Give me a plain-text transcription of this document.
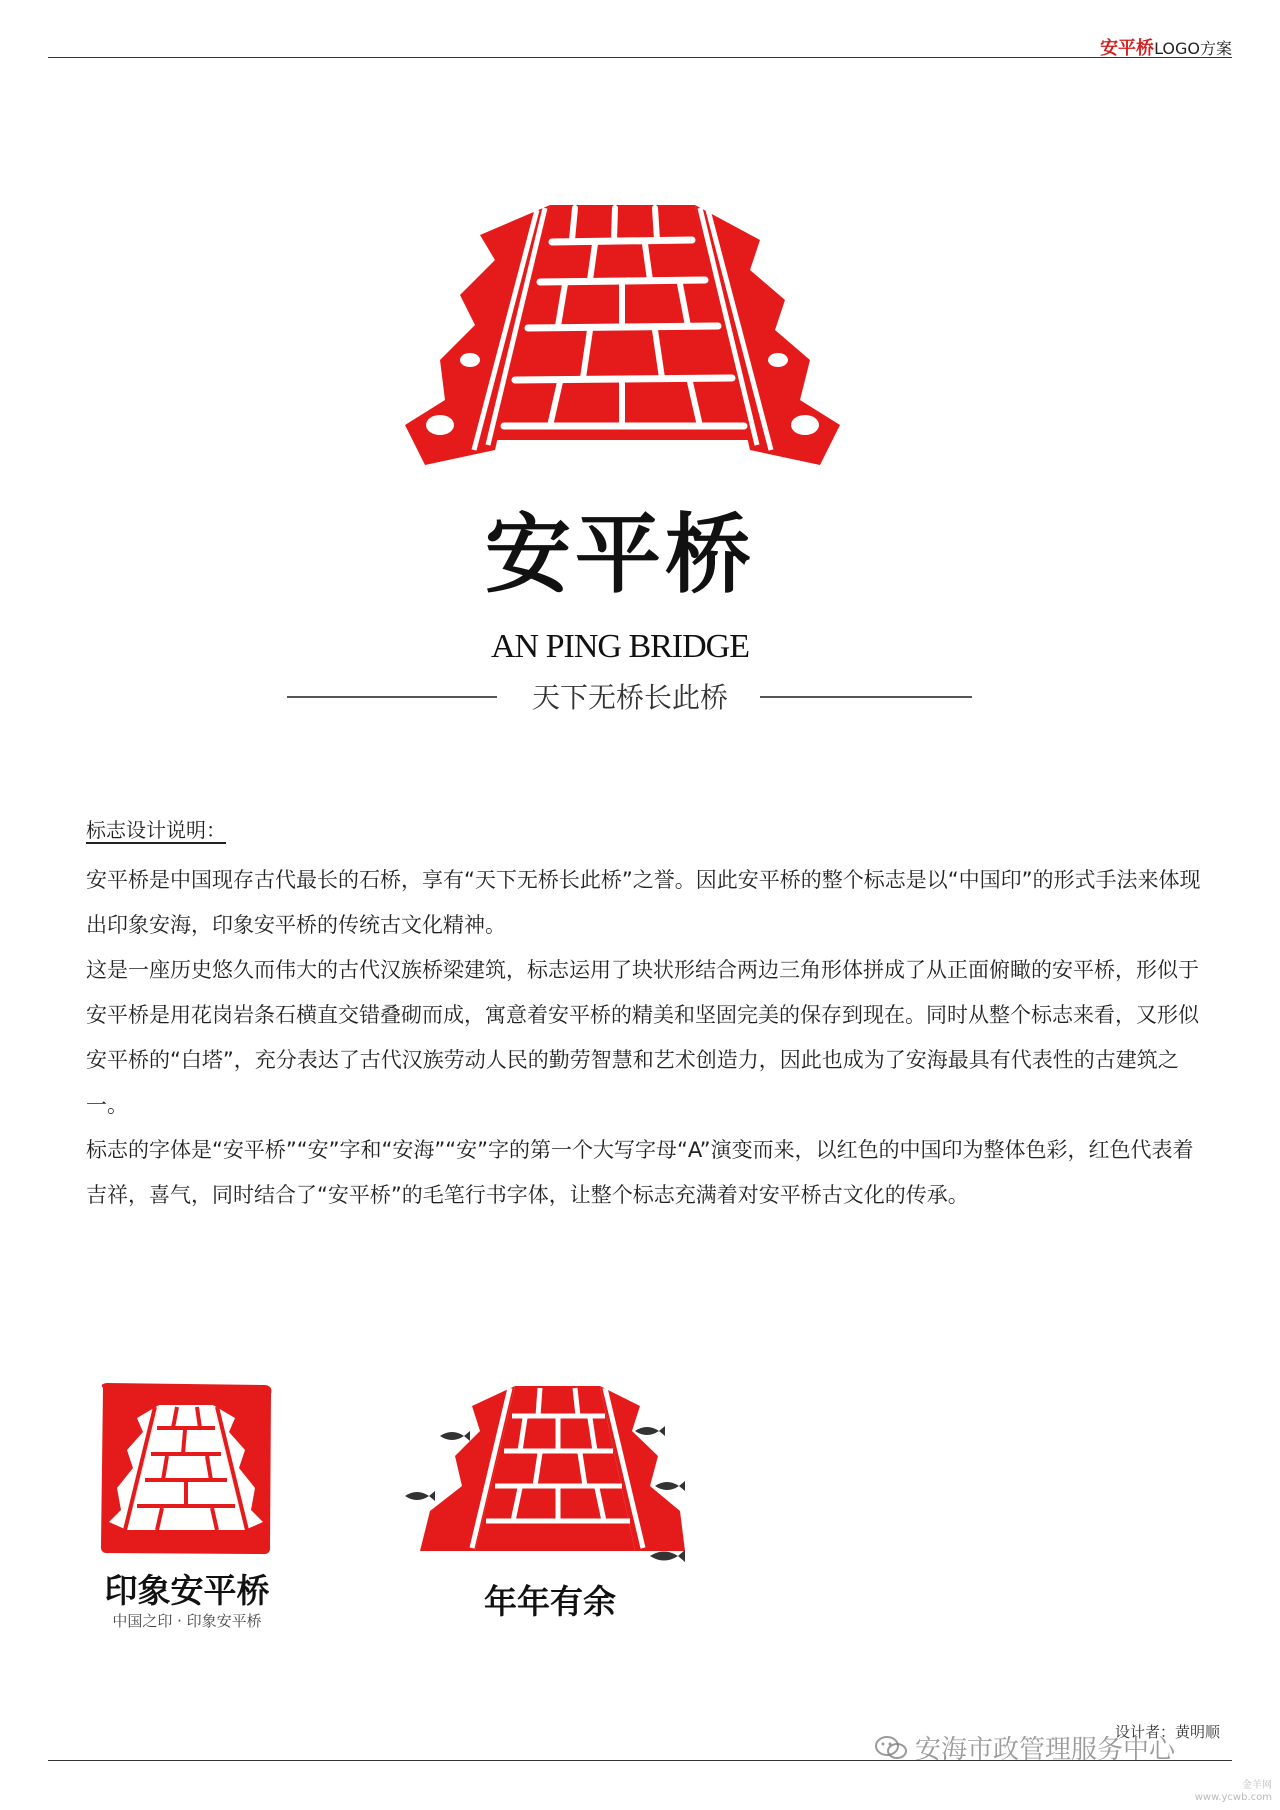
安平桥LOGO方案
安平桥
AN PING BRIDGE
天下无桥长此桥
标志设计说明：

安平桥是中国现存古代最长的石桥，享有“天下无桥长此桥”之誉。因此安平桥的整个标志是以“中国印”的形式手法来体现出印象安海，印象安平桥的传统古文化精神。

这是一座历史悠久而伟大的古代汉族桥梁建筑，标志运用了块状形结合两边三角形体拼成了从正面俯瞰的安平桥，形似于安平桥是用花岗岩条石横直交错叠砌而成，寓意着安平桥的精美和坚固完美的保存到现在。同时从整个标志来看，又形似安平桥的“白塔”，充分表达了古代汉族劳动人民的勤劳智慧和艺术创造力，因此也成为了安海最具有代表性的古建筑之一。

标志的字体是“安平桥”“安”字和“安海”“安”字的第一个大写字母“A”演变而来，以红色的中国印为整体色彩，红色代表着吉祥，喜气，同时结合了“安平桥”的毛笔行书字体，让整个标志充满着对安平桥古文化的传承。

印象安平桥
中国之印 · 印象安平桥	年年有余
设计者：黄明顺
安海市政管理服务中心
金羊网
www.ycwb.com
